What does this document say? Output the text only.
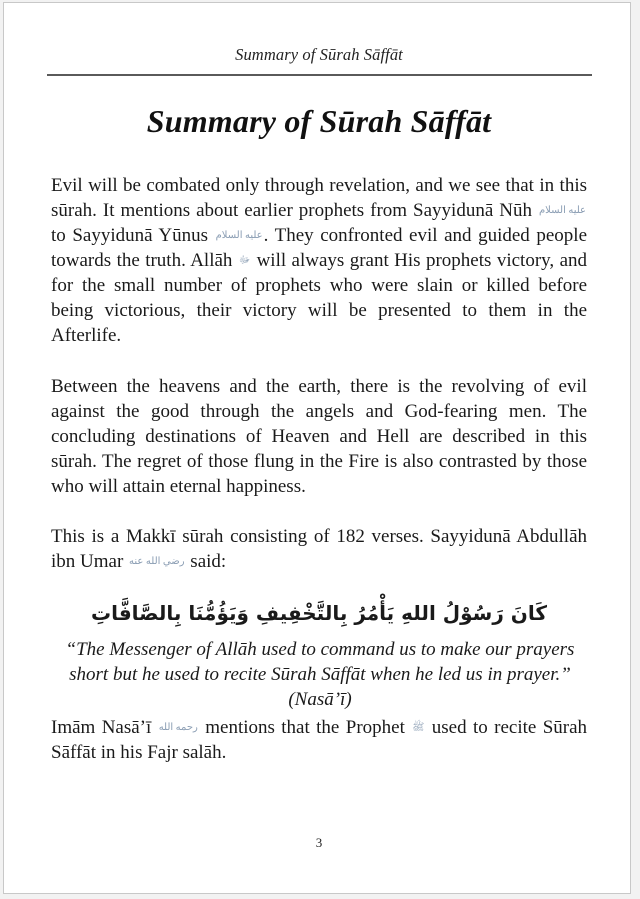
Summary of Sūrah Sāffāt
Summary of Sūrah Sāffāt

Evil will be combated only through revelation, and we see that in this sūrah. It mentions about earlier prophets from Sayyidunā Nūh عليه السلام to Sayyidunā Yūnus عليه السلام. They confronted evil and guided people towards the truth. Allāh ﷻ will always grant His prophets victory, and for the small number of prophets who were slain or killed before being victorious, their victory will be presented to them in the Afterlife.

Between the heavens and the earth, there is the revolving of evil against the good through the angels and God-fearing men. The concluding destinations of Heaven and Hell are described in this sūrah. The regret of those flung in the Fire is also contrasted by those who will attain eternal happiness.

This is a Makkī sūrah consisting of 182 verses. Sayyidunā Abdullāh ibn Umar رضي الله عنه said:

كَانَ رَسُوْلُ اللهِ يَأْمُرُ بِالتَّخْفِيفِ وَيَؤُمُّنَا بِالصَّافَّاتِ
“The Messenger of Allāh used to command us to make our prayers short but he used to recite Sūrah Sāffāt when he led us in prayer.” (Nasā’ī)

Imām Nasā’ī رحمه الله mentions that the Prophet ﷺ used to recite Sūrah Sāffāt in his Fajr salāh.

3
